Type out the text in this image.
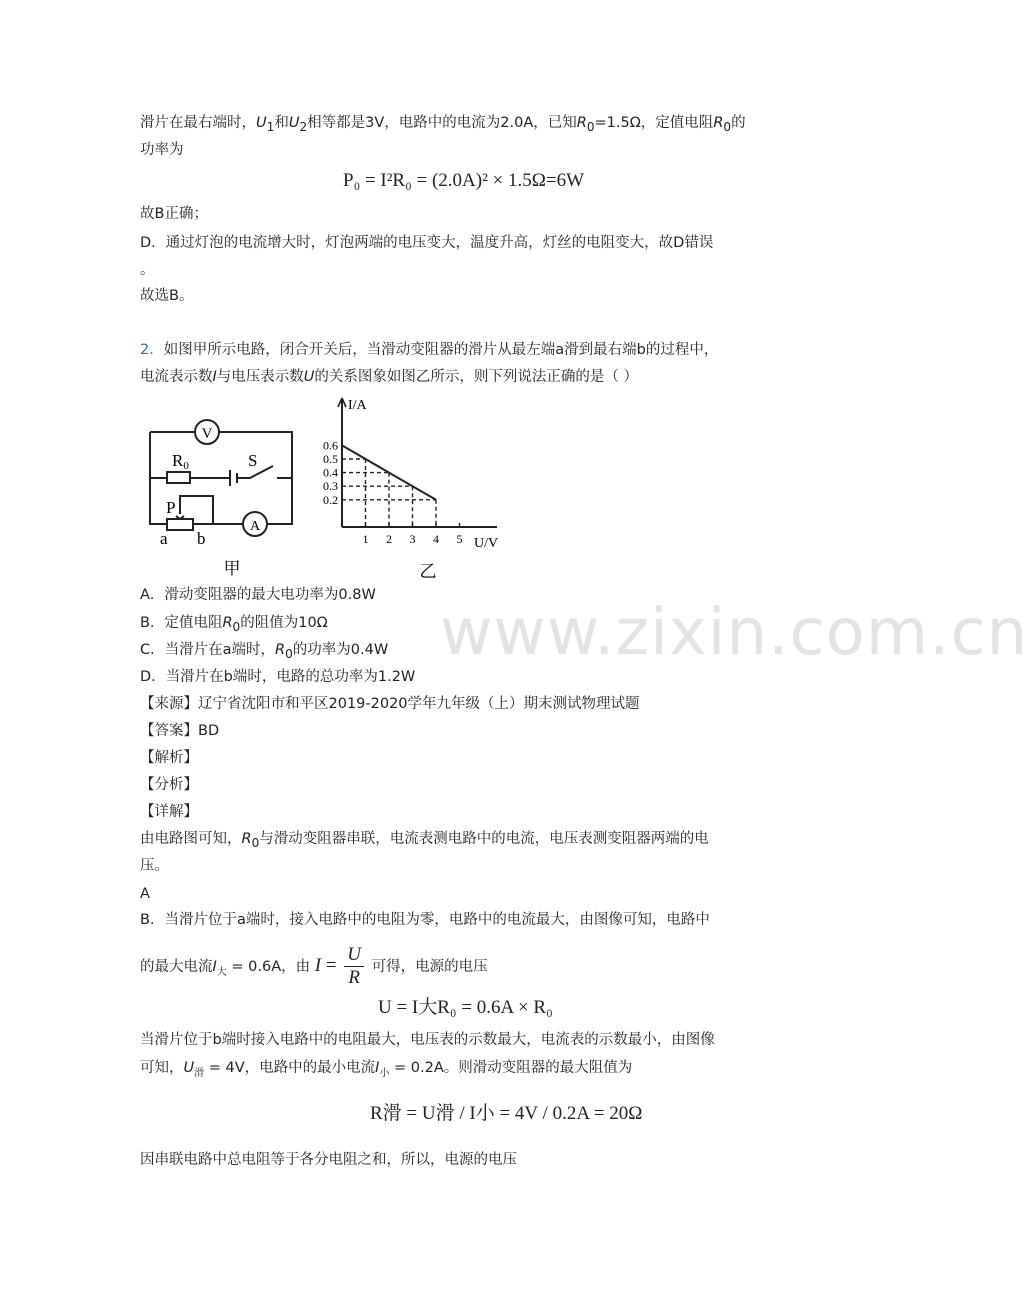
滑片在最右端时，$U_1$和$U_2$相等都是3V，电路中的电流为2.0A，已知$R_0=1.5\Omega$，定值电阻$R_0$的
功率为
P₀ = I²R₀ = (2.0A)² × 1.5Ω=6W
故B正确；
D．通过灯泡的电流增大时，灯泡两端的电压变大，温度升高，灯丝的电阻变大，故D错误
。
故选B。
2．如图甲所示电路，闭合开关后，当滑动变阻器的滑片从最左端a滑到最右端b的过程中，
电流表示数I与电压表示数U的关系图象如图乙所示，则下列说法正确的是（ ）
V
A
R0	S
P
a b
甲
I/A
U/V
1 2 3 4 5
0.2
0.3
0.4
0.5
0.6
乙
A．滑动变阻器的最大电功率为0.8W
B．定值电阻$R_0$的阻值为10Ω
C．当滑片在a端时，$R_0$的功率为0.4W
D．当滑片在b端时，电路的总功率为1.2W
www.zixin.com.cn
【来源】辽宁省沈阳市和平区2019-2020学年九年级（上）期末测试物理试题
【答案】BD
【解析】
【分析】
【详解】
由电路图可知，$R_0$与滑动变阻器串联，电流表测电路中的电流，电压表测变阻器两端的电
压。
A
B．当滑片位于a端时，接入电路中的电阻为零，电路中的电流最大，由图像可知，电路中
的最大电流$I_大 = 0.6A$，由 $I = \frac{U}{R}$ 可得，电源的电压
U = I大R₀ = 0.6A × R₀
当滑片位于b端时接入电路中的电阻最大，电压表的示数最大，电流表的示数最小，由图像
可知，$U_滑 = 4V$，电路中的最小电流$I_小 = 0.2A$。则滑动变阻器的最大阻值为
R滑 = U滑 / I小 = 4V / 0.2A = 20Ω
因串联电路中总电阻等于各分电阻之和，所以，电源的电压
